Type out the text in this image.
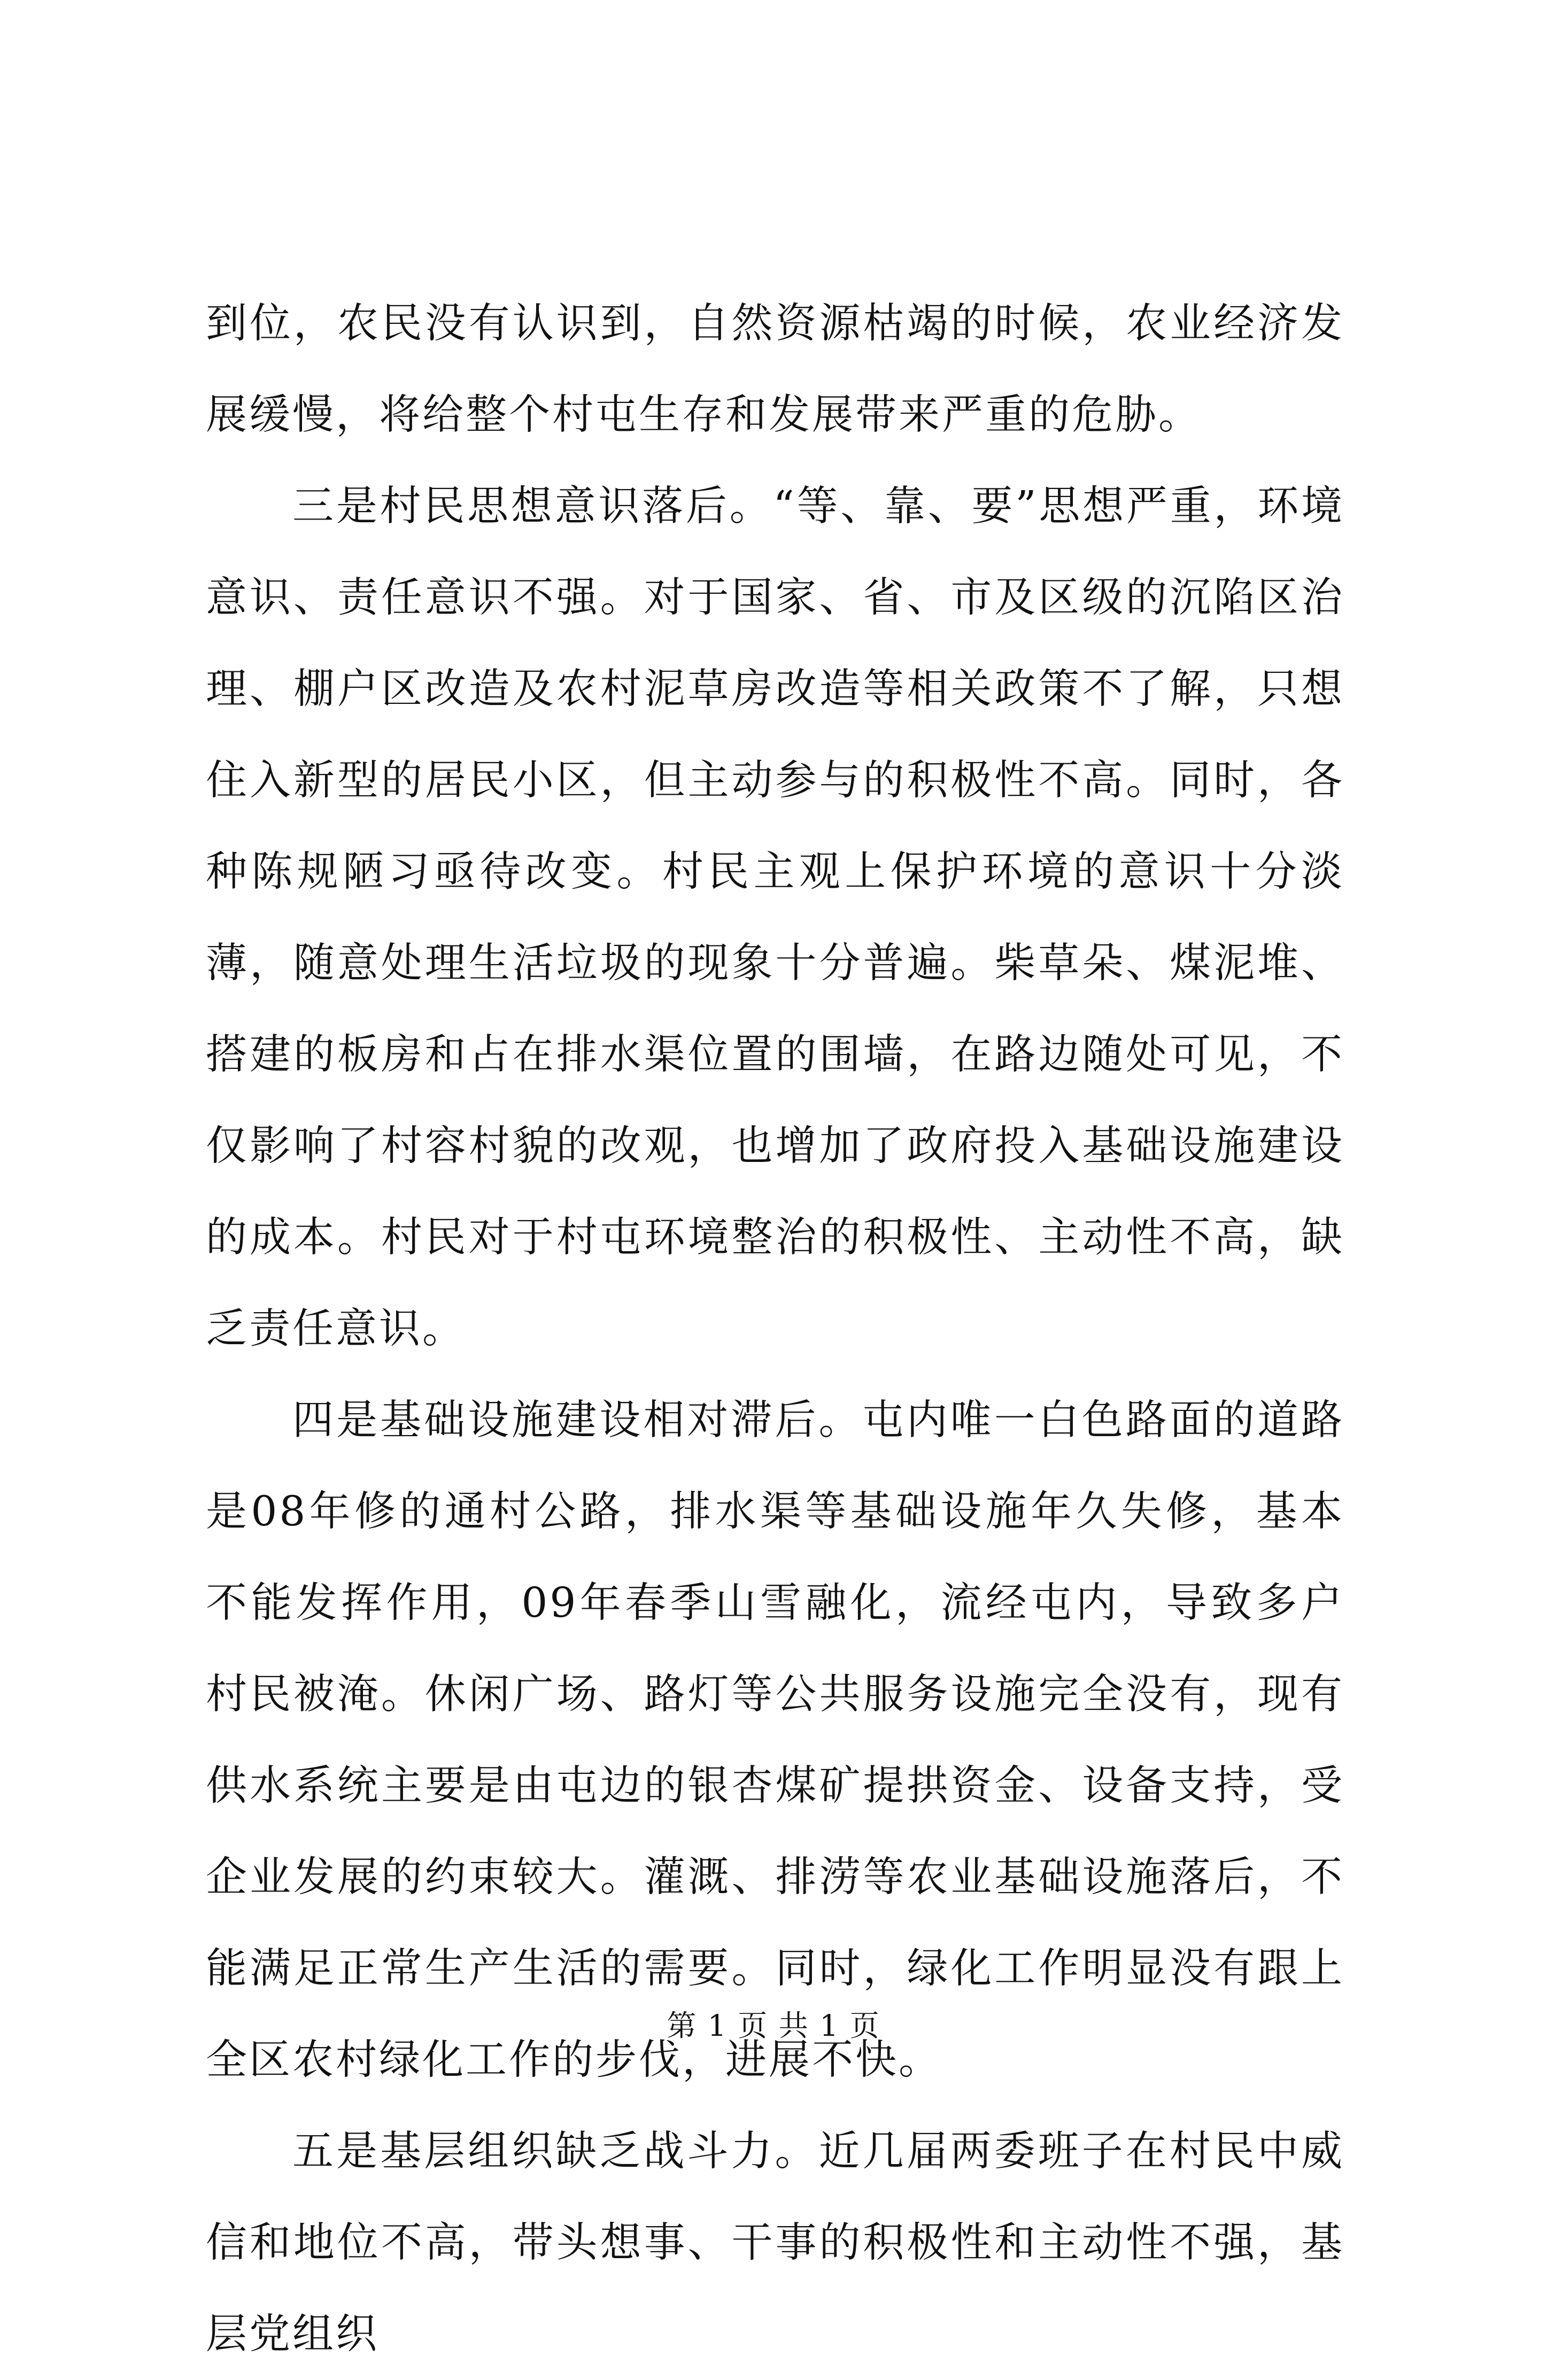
到位，农民没有认识到，自然资源枯竭的时候，农业经济发展缓慢，将给整个村屯生存和发展带来严重的危胁。

三是村民思想意识落后。“等、靠、要”思想严重，环境意识、责任意识不强。对于国家、省、市及区级的沉陷区治理、棚户区改造及农村泥草房改造等相关政策不了解，只想住入新型的居民小区，但主动参与的积极性不高。同时，各种陈规陋习亟待改变。村民主观上保护环境的意识十分淡薄，随意处理生活垃圾的现象十分普遍。柴草朵、煤泥堆、搭建的板房和占在排水渠位置的围墙，在路边随处可见，不仅影响了村容村貌的改观，也增加了政府投入基础设施建设的成本。村民对于村屯环境整治的积极性、主动性不高，缺乏责任意识。

四是基础设施建设相对滞后。屯内唯一白色路面的道路是08年修的通村公路，排水渠等基础设施年久失修，基本不能发挥作用，09年春季山雪融化，流经屯内，导致多户村民被淹。休闲广场、路灯等公共服务设施完全没有，现有供水系统主要是由屯边的银杏煤矿提拱资金、设备支持，受企业发展的约束较大。灌溉、排涝等农业基础设施落后，不能满足正常生产生活的需要。同时，绿化工作明显没有跟上全区农村绿化工作的步伐，进展不快。

五是基层组织缺乏战斗力。近几届两委班子在村民中威信和地位不高，带头想事、干事的积极性和主动性不强，基层党组织

第 1 页 共 1 页
